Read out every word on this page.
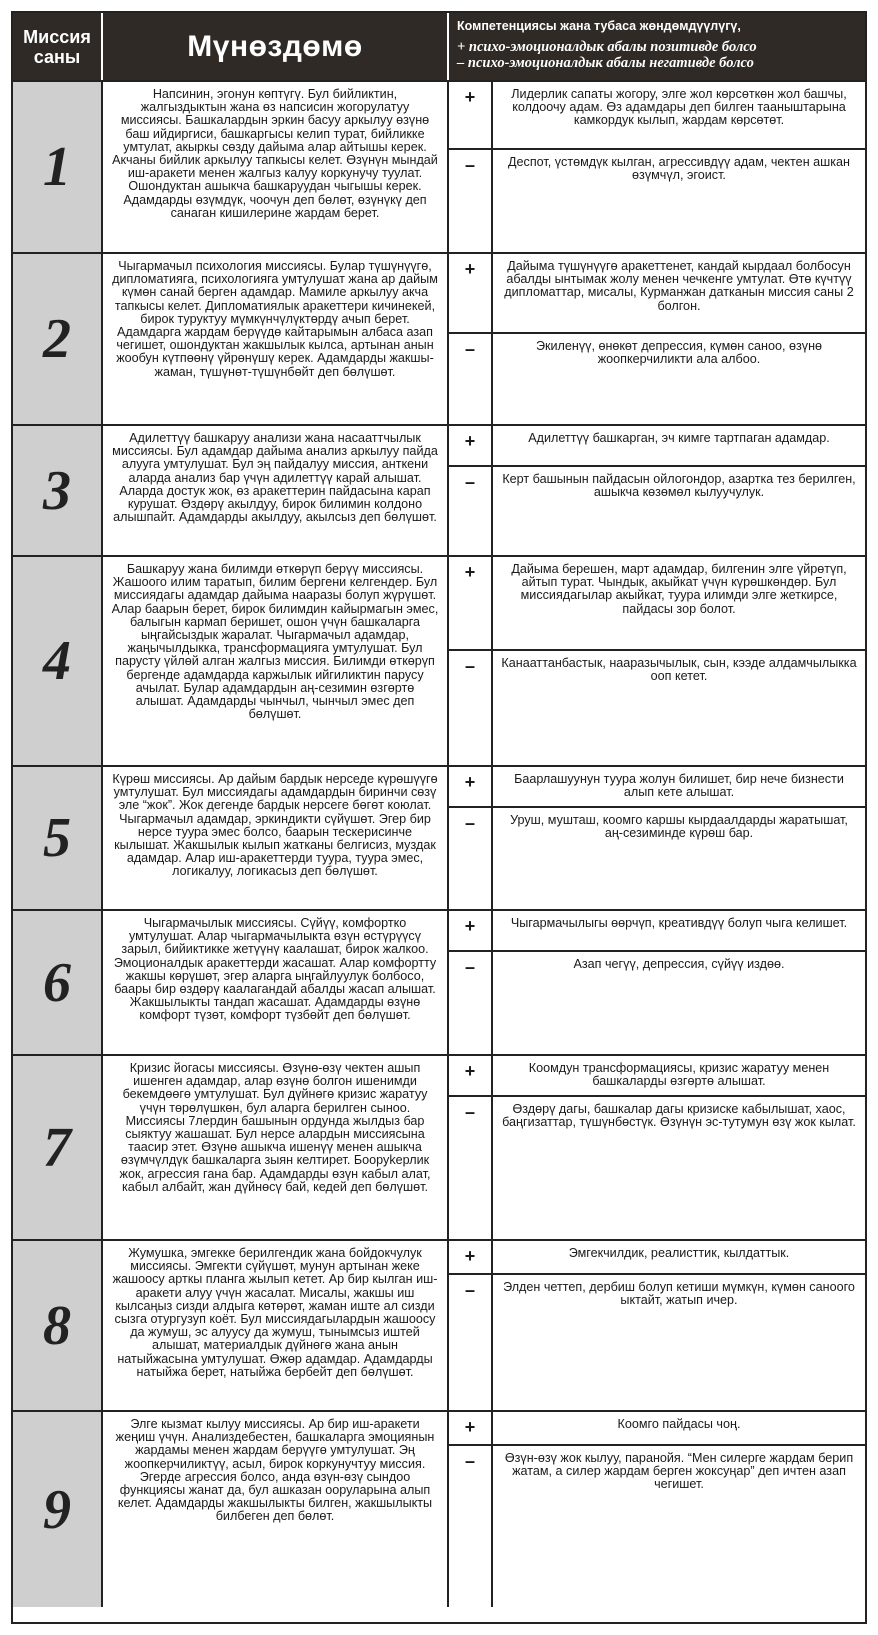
Миссия саны	Мүнөздөмө
Компетенциясы жана тубаса жөндөмдүүлүгү,
+ психо-эмоционалдык абалы позитивде болсо
– психо-эмоционалдык абалы негативде болсо
1
Напсинин, эгонун көптүгү. Бул бийликтин, жалгыздыктын жана өз напсисин жогорулатуу миссиясы. Башкалардын эркин басуу аркылуу өзүнө баш ийдиргиси, башкаргысы келип турат, бийликке умтулат, акыркы сөзду дайыма алар айтышы керек. Акчаны бийлик аркылуу тапкысы келет. Өзүнүн мындай иш-аракети менен жалгыз калуу коркунучу туулат. Ошондуктан ашыкча башкаруудан чыгышы керек. Адамдарды өзүмдүк, чоочун деп бөлөт, өзүнүкү деп санаган кишилерине жардам берет.
+	Лидерлик сапаты жогору, элге жол көрсөткөн жол башчы, колдоочу адам. Өз адамдары деп билген тааныштарына камкордук кылып, жардам көрсөтөт.
–	Деспот, үстөмдүк кылган, агрессивдүү адам, чектен ашкан өзүмчүл, эгоист.
2
Чыгармачыл психология миссиясы. Булар түшүнүүгө, дипломатияга, психологияга умтулушат жана ар дайым күмөн санай берген адамдар. Мамиле аркылуу акча тапкысы келет. Дипломатиялык аракеттери кичинекей, бирок туруктуу мүмкүнчүлүктөрдү ачып берет. Адамдарга жардам берүүдө кайтарымын албаса азап чегишет, ошондуктан жакшылык кылса, артынан анын жообун күтпөөнү үйрөнүшү керек. Адамдарды жакшы-жаман, түшүнөт-түшүнбөйт деп бөлүшөт.
+	Дайыма түшүнүүгө аракеттенет, кандай кырдаал болбосун абалды ынтымак жолу менен чечкенге умтулат. Өтө күчтүү дипломаттар, мисалы, Курманжан датканын миссия саны 2 болгон.
–	Экиленүү, өнөкөт депрессия, күмөн саноо, өзүнө жоопкерчиликти ала албоо.
3
Адилеттүү башкаруу анализи жана насааттчылык миссиясы. Бул адамдар дайыма анализ аркылуу пайда алууга умтулушат. Бул эң пайдалуу миссия, анткени аларда анализ бар үчүн адилеттүү карай алышат. Аларда достук жок, өз аракеттерин пайдасына карап курушат. Өздөрү акылдуу, бирок билимин колдоно алышпайт. Адамдарды акылдуу, акылсыз деп бөлүшөт.
+	Адилеттүү башкарган, эч кимге тартпаган адамдар.
–	Керт башынын пайдасын ойлогондор, азартка тез берилген, ашыкча көзөмөл кылуучулук.
4
Башкаруу жана билимди өткөрүп берүү миссиясы. Жашоого илим таратып, билим бергени келгендер. Бул миссиядагы адамдар дайыма нааразы болуп жүрүшөт. Алар баарын берет, бирок билимдин кайырмагын эмес, балыгын кармап беришет, ошон үчүн башкаларга ыңгайсыздык жаралат. Чыгармачыл адамдар, жаңычылдыкка, трансформацияга умтулушат. Бул парусту үйлөй алган жалгыз миссия. Билимди өткөрүп бергенде адамдарда каржылык ийгиликтин парусу ачылат. Булар адамдардын аң-сезимин өзгөртө алышат. Адамдарды чынчыл, чынчыл эмес деп бөлүшөт.
+	Дайыма берешен, март адамдар, билгенин элге үйрөтүп, айтып турат. Чындык, акыйкат үчүн күрөшкөндөр. Бул миссиядагылар акыйкат, туура илимди элге жеткирсе, пайдасы зор болот.
–	Канааттанбастык, нааразычылык, сын, кээде алдамчылыкка ооп кетет.
5
Күрөш миссиясы. Ар дайым бардык нерседе күрөшүүгө умтулушат. Бул миссиядагы адамдардын биринчи сөзү эле “жок”. Жок дегенде бардык нерсегe бөгөт коюлат. Чыгармачыл адамдар, эркиндикти сүйүшөт. Эгер бир нерсе туура эмес болсо, баарын тескерисинче кылышат. Жакшылык кылып жатканы белгисиз, муздак адамдар. Алар иш-аракеттерди туура, туура эмес, логикалуу, логикасыз деп бөлүшөт.
+	Баарлашуунун туура жолун билишет, бир нече бизнести алып кете алышат.
–	Уруш, мушташ, коомго каршы кырдаалдарды жаратышат, аң-сезиминде күрөш бар.
6
Чыгармачылык миссиясы. Сүйүү, комфортко умтулушат. Алар чыгармачылыкта өзүн өстүрүүсү зарыл, бийиктикке жетүүнү каалашат, бирок жалкоо. Эмоционалдык аракеттерди жасашат. Алар комфортту жакшы көрүшөт, эгер аларга ыңгайлуулук болбосо, баары бир өздөрү каалагандай абалды жасап алышат. Жакшылыкты тандап жасашат. Адамдарды өзүнө комфорт түзөт, комфорт түзбөйт деп бөлүшөт.
+	Чыгармачылыгы өөрчүп, креативдүү болуп чыга келишет.
–	Азап чегүү, депрессия, сүйүү издөө.
7
Кризис йогасы миссиясы. Өзүнө-өзү чектен ашып ишенген адамдар, алар өзүнө болгон ишенимди бекемдөөгө умтулушат. Бул дүйнөгө кризис жаратуу үчүн төрөлүшкөн, бул аларга берилген сыноо. Миссиясы 7лердин башынын ордунда жылдыз бар сыяктуу жашашат. Бул нерсе алардын миссиясына таасир этет. Өзүнө ашыкча ишенүү менен ашыкча өзүмчүлдүк башкаларга зыян келтирет. Бооруkерлик жок, агрессия гана бар. Адамдарды өзүн кабыл алат, кабыл албайт, жан дүйнөсү бай, кедей деп бөлүшөт.
+	Коомдун трансформациясы, кризис жаратуу менен башкаларды өзгөртө алышат.
–	Өздөрү дагы, башкалар дагы кризиске кабылышат, хаос, баңгизаттар, түшүнбөстүк. Өзүнүн эс-тутумун өзү жок кылат.
8
Жумушка, эмгекке берилгендик жана бойдокчулук миссиясы. Эмгекти сүйүшөт, мунун артынан жеке жашоосу арткы планга жылып кетет. Ар бир кылган иш-аракети алуу үчүн жасалат. Мисалы, жакшы иш кылсаңыз сизди алдыга көтөрөт, жаман иште ал сизди сызга отургузуп коёт. Бул миссиядагылардын жашоосу да жумуш, эс алуусу да жумуш, тынымсыз иштей алышат, материалдык дүйнөгө жана анын натыйжасына умтулушат. Өжөр адамдар. Адамдарды натыйжа берет, натыйжа бербейт деп бөлүшөт.
+	Эмгекчилдик, реалисттик, кылдаттык.
–	Элден четтеп, дербиш болуп кетиши мүмкүн, күмөн саноого ыктайт, жатып ичер.
9
Элге кызмат кылуу миссиясы. Ар бир иш-аракети жеңиш үчүн. Анализдебестен, башкаларга эмоциянын жардамы менен жардам берүүгө умтулушат. Эң жоопкерчиликтүү, асыл, бирок коркунучтуу миссия. Эгерде агрессия болсо, анда өзүн-өзү сындоо функциясы жанат да, бул ашказан ооруларына алып келет. Адамдарды жакшылыкты билген, жакшылыкты билбеген деп бөлөт.
+	Коомго пайдасы чоң.
–	Өзүн-өзү жок кылуу, паранойя. “Мен силерге жардам берип жатам, а силер жардам берген жоксуңар” деп ичтен азап чегишет.
